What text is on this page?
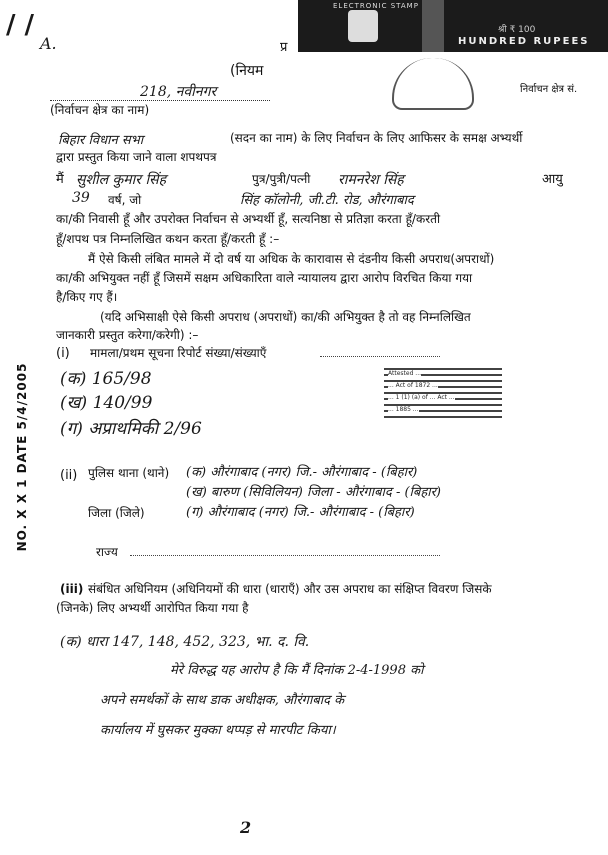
ELECTRONIC STAMP
श्री ₹ 100
HUNDRED RUPEES
/ /
A.	प्र
(नियम
निर्वाचन क्षेत्र सं.
218, नवीनगर
(निर्वाचन क्षेत्र का नाम)
बिहार विधान सभा	(सदन का नाम) के लिए निर्वाचन के लिए आफिसर के समक्ष अभ्यर्थी
द्वारा प्रस्तुत किया जाने वाला शपथपत्र
मैं सुशील कुमार सिंह	पुत्र/पुत्री/पत्नी रामनरेश सिंह	आयु
39 वर्ष, जो	सिंह कॉलोनी, जी.टी. रोड, औरंगाबाद
का/की निवासी हूँ और उपरोक्त निर्वाचन से अभ्यर्थी हूँ, सत्यनिष्ठा से प्रतिज्ञा करता हूँ/करती
हूँ/शपथ पत्र निम्नलिखित कथन करता हूँ/करती हूँ :–
मैं ऐसे किसी लंबित मामले में दो वर्ष या अधिक के कारावास से दंडनीय किसी अपराध(अपराधों)
का/की अभियुक्त नहीं हूँ जिसमें सक्षम अधिकारिता वाले न्यायालय द्वारा आरोप विरचित किया गया
है/किए गए हैं।
(यदि अभिसाक्षी ऐसे किसी अपराध (अपराधों) का/की अभियुक्त है तो वह निम्नलिखित
जानकारी प्रस्तुत करेगा/करेगी) :–
(i) मामला/प्रथम सूचना रिपोर्ट संख्या/संख्याएँ
(क) 165/98
(ख) 140/99
(ग) अप्राथमिकी 2/96
Attested ...
... Act of 1872 ...
... 1 (1) (a) of ... Act ...
... 1885 ...
NO. X X 1 DATE 5/4/2005 (ii) पुलिस थाना (थाने) (क) औरंगाबाद (नगर) जि.- औरंगाबाद - (बिहार)
(ख) बारुण (सिविलियन) जिला - औरंगाबाद - (बिहार)
जिला (जिले)	(ग) औरंगाबाद (नगर) जि.- औरंगाबाद - (बिहार)
राज्य
(iii) संबंधित अधिनियम (अधिनियमों की धारा (धाराएँ) और उस अपराध का संक्षिप्त विवरण जिसके
(जिनके) लिए अभ्यर्थी आरोपित किया गया है
(क) धारा 147, 148, 452, 323, भा. द. वि.
मेरे विरुद्ध यह आरोप है कि मैं दिनांक 2-4-1998 को
अपने समर्थकों के साथ डाक अधीक्षक, औरंगाबाद के
कार्यालय में घुसकर मुक्का थप्पड़ से मारपीट किया।
2
